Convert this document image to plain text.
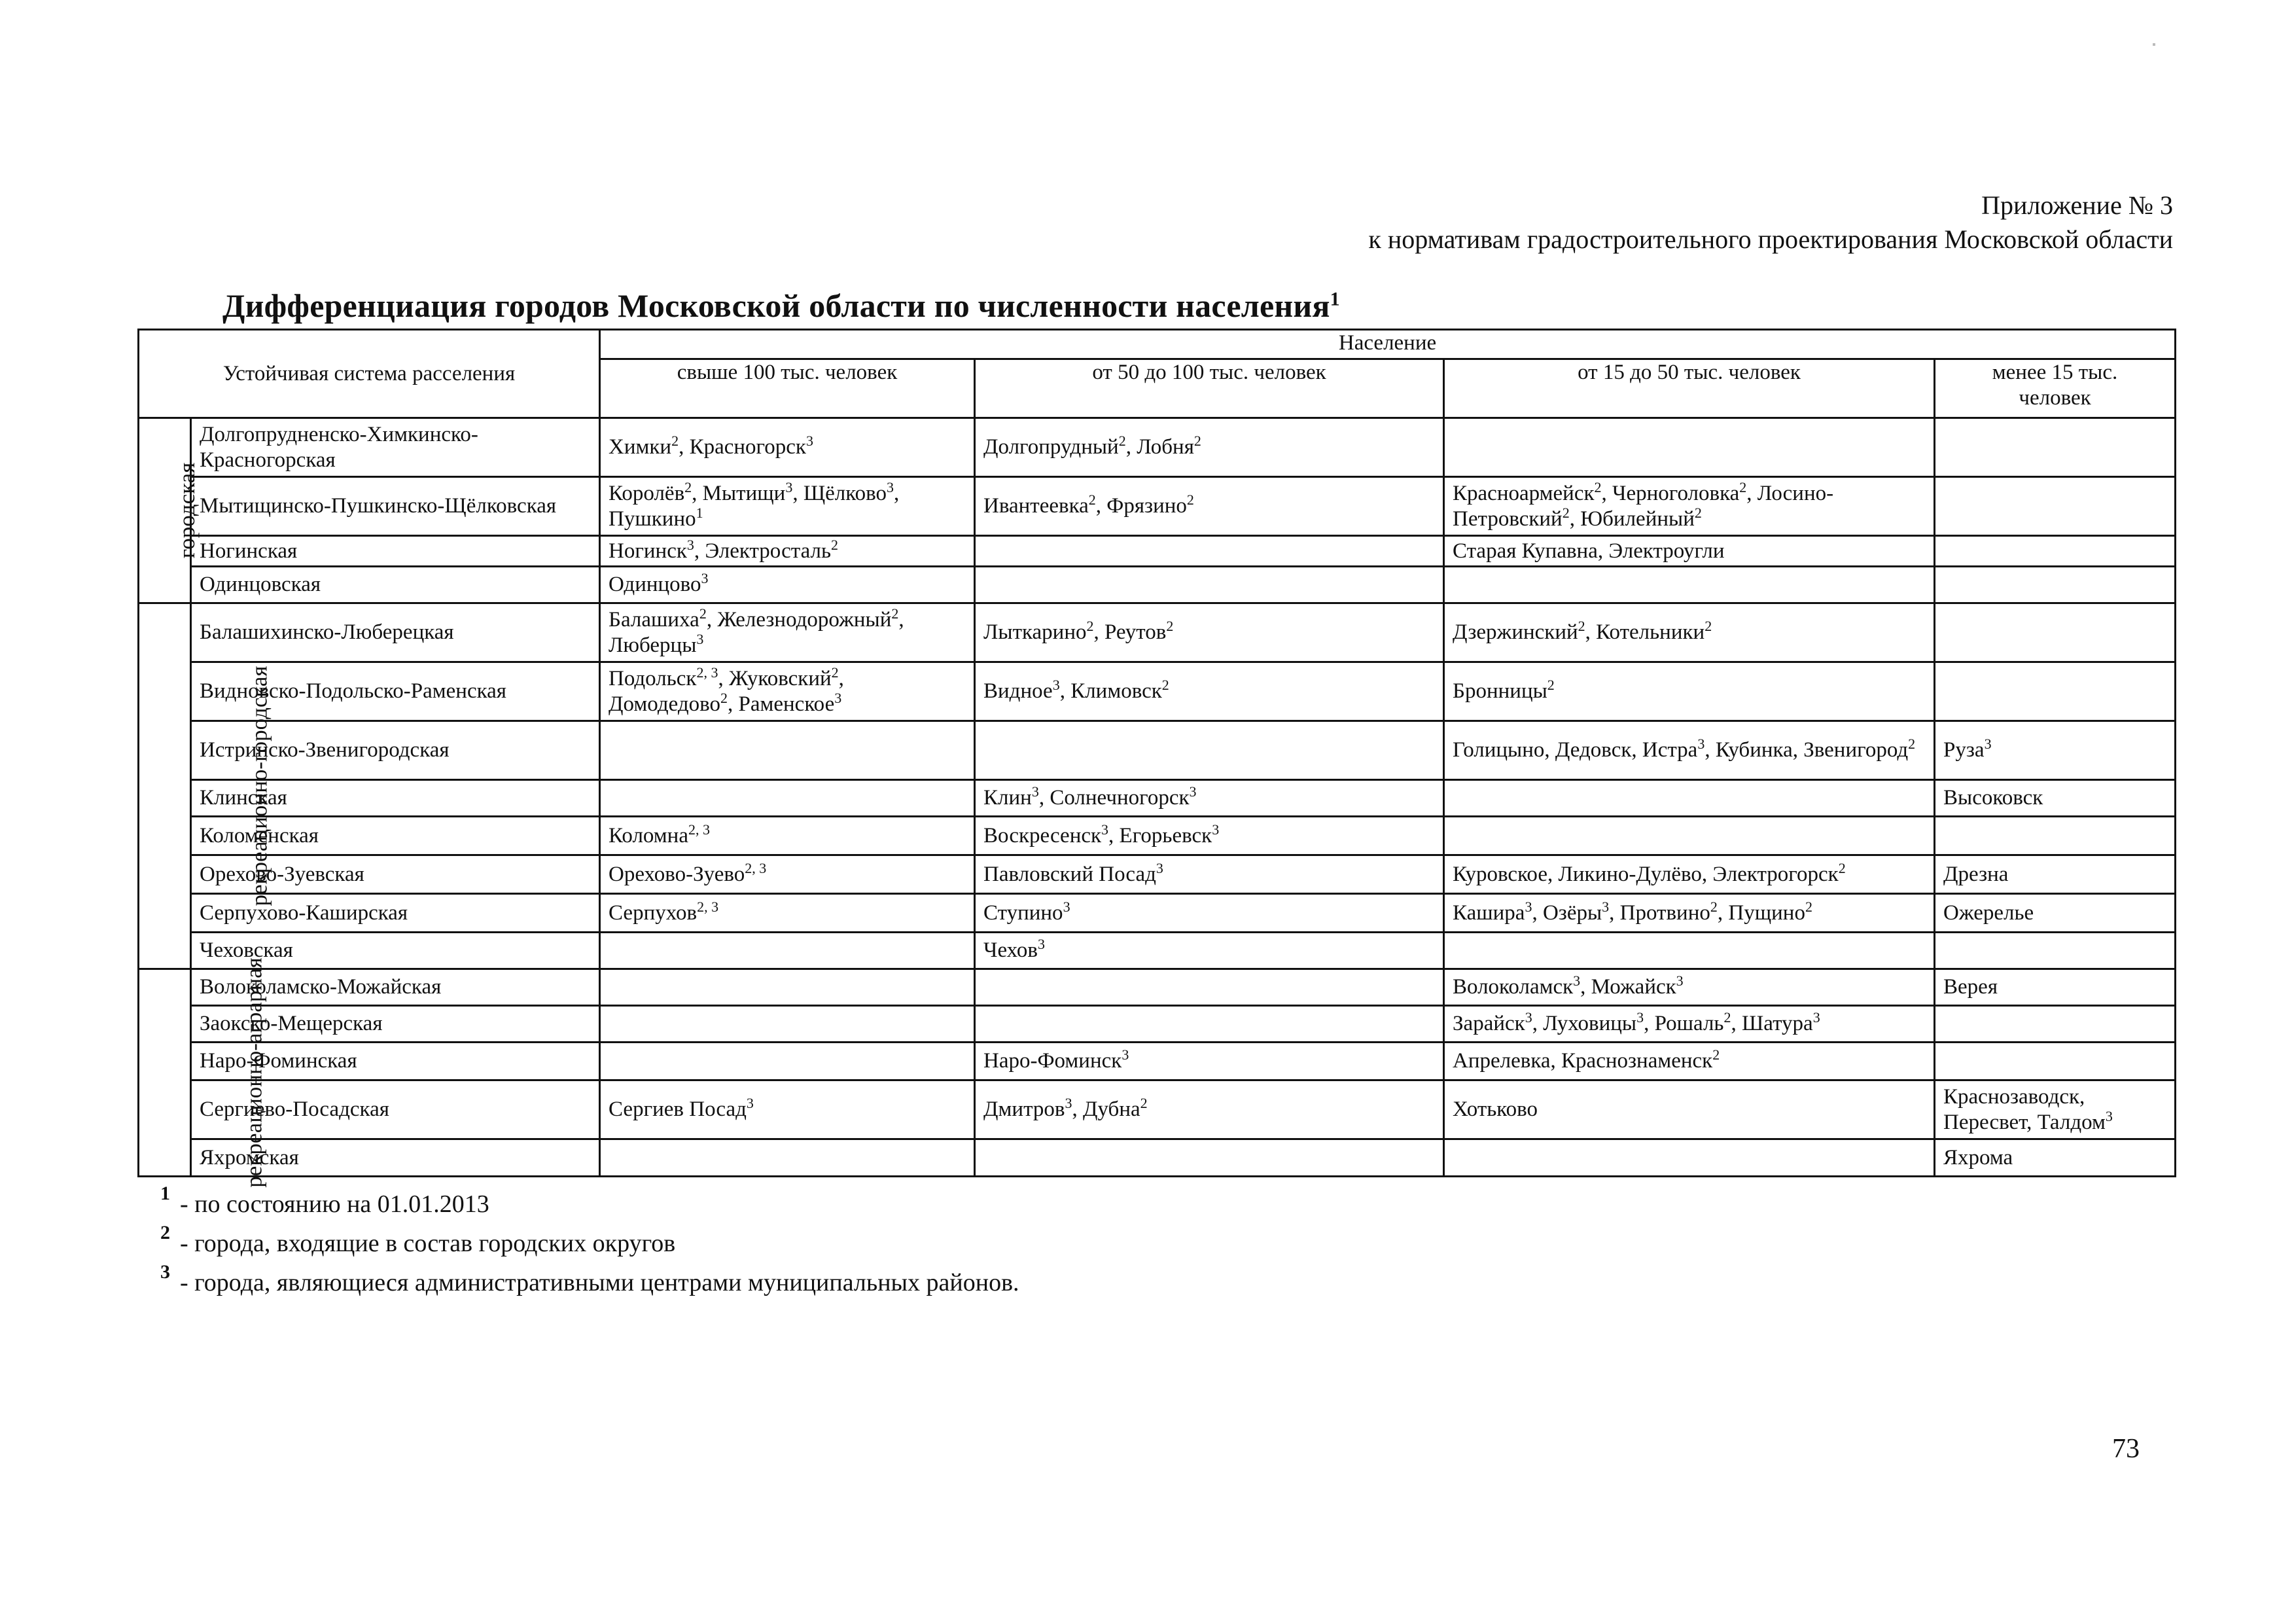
Приложение № 3
к нормативам градостроительного проектирования Московской области
Дифференциация городов Московской области по численности населения$^1$
Устойчивая система расселения		Население			
		свыше 100 тыс. человек	от 50 до 100 тыс. человек	от 15 до 50 тыс. человек	менее 15 тыс. человек
городская	Долгопрудненско-Химкинско-Красногорская	Химки$^2$, Красногорск$^3$	Долгопрудный$^2$, Лобня$^2$		
	Мытищинско-Пушкинско-Щёлковская	Королёв$^2$, Мытищи$^3$, Щёлково$^3$, Пушкино$^1$	Ивантеевка$^2$, Фрязино$^2$	Красноармейск$^2$, Черноголовка$^2$, Лосино-Петровский$^2$, Юбилейный$^2$	
	Ногинская	Ногинск$^3$, Электросталь$^2$		Старая Купавна, Электроугли	
	Одинцовская	Одинцово$^3$			
рекреационно-городская	Балашихинско-Люберецкая	Балашиха$^2$, Железнодорожный$^2$, Люберцы$^3$	Лыткарино$^2$, Реутов$^2$	Дзержинский$^2$, Котельники$^2$	
	Видновско-Подольско-Раменская	Подольск$^{2, 3}$, Жуковский$^2$, Домодедово$^2$, Раменское$^3$	Видное$^3$, Климовск$^2$	Бронницы$^2$	
	Истринско-Звенигородская			Голицыно, Дедовск, Истра$^3$, Кубинка, Звенигород$^2$	Руза$^3$
	Клинская		Клин$^3$, Солнечногорск$^3$		Высоковск
	Коломенская	Коломна$^{2, 3}$	Воскресенск$^3$, Егорьевск$^3$		
	Орехово-Зуевская	Орехово-Зуево$^{2, 3}$	Павловский Посад$^3$	Куровское, Ликино-Дулёво, Электрогорск$^2$	Дрезна
	Серпухово-Каширская	Серпухов$^{2, 3}$	Ступино$^3$	Кашира$^3$, Озёры$^3$, Протвино$^2$, Пущино$^2$	Ожерелье
	Чеховская		Чехов$^3$		
рекреационно-аграрная	Волоколамско-Можайская			Волоколамск$^3$, Можайск$^3$	Верея
	Заокско-Мещерская			Зарайск$^3$, Луховицы$^3$, Рошаль$^2$, Шатура$^3$	
	Наро-Фоминская		Наро-Фоминск$^3$	Апрелевка, Краснознаменск$^2$	
	Сергиево-Посадская	Сергиев Посад$^3$	Дмитров$^3$, Дубна$^2$	Хотьково	Краснозаводск, Пересвет, Талдом$^3$
	Яхромская				Яхрома
1 - по состоянию на 01.01.2013
2 - города, входящие в состав городских округов
3 - города, являющиеся административными центрами муниципальных районов.
73
